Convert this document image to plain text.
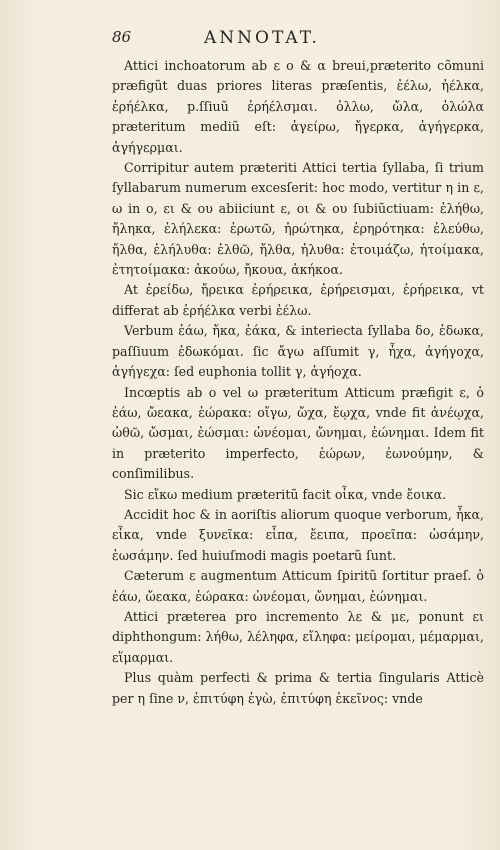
86	ANNOTAT.

Attici inchoatorum ab ε o & α breui,præterito cõmuni præfigũt duas priores literas præſentis, ἐέλω, ἠέλκα, ἐρήέλκα, p.ſſiuũ ἐρήέλσμαι. ὀλλω, ὤλα, ὀλώλα præteritum mediũ eſt: ἀγείρω, ἤγερκα, ἀγήγερκα, ἀγήγερμαι.

Corripitur autem præteriti Attici tertia ſyllaba, ſi trium ſyllabarum numerum excesſerit: hoc modo, vertitur η in ε, ω in ο, ει & ου abiiciunt ε, οι & ου ſubiũctiuam: ἐλήθω, ἤληκα, ἐλήλεκα: ἐρωτῶ, ἠρώτηκα, ἐρηρότηκα: ἐλεύθω, ἤλθα, ἐλήλυθα: ἐλθῶ, ἤλθα, ἠλυθα: ἐτοιμάζω, ἡτοίμακα, ἐτητοίμακα: ἀκούω, ἤκουα, ἀκήκοα.

At ἐρείδω, ἤρεικα ἐρήρεικα, ἐρήρεισμαι, ἐρήρεικα, vt differat ab ἐρήέλκα verbi ἐέλω.

Verbum ἐάω, ἤκα, ἐάκα, & interiecta ſyllaba δο, ἐδωκα, paſſiuum ἐδωκόμαι. ſic ἄγω aſſumit γ, ἦχα, ἀγήγοχα, ἀγήγεχα: ſed euphonia tollit γ, ἀγήοχα.

Incœptis ab ο vel ω præteritum Atticum præfigit ε, ὁ ἐάω, ὤεακα, ἑώρακα: οἴγω, ὤχα, ἔῳχα, vnde fit ἀνέῳχα, ὠθῶ, ὤσμαι, ἑώσμαι: ὠνέομαι, ὤνημαι, ἑώνημαι. Idem fit in præterito imperfecto, ἑώρων, ἐωνούμην, & conſimilibus.

Sic εἴκω medium præteritũ facit οἶκα, vnde ἔοικα.

Accidit hoc & in aoriſtis aliorum quoque verborum, ἧκα, εἷκα, vnde ξυνεῖκα: εἷπα, ἔειπα, προεῖπα: ὠσάμην, ἐωσάμην. ſed huiuſmodi magis poetarũ ſunt.

Cæterum ε augmentum Atticum ſpiritũ ſortitur praeſ. ὁ ἐάω, ὤεακα, ἑώρακα: ὠνέομαι, ὤνημαι, ἑώνημαι.

Attici præterea pro incremento λε & με, ponunt ει diphthongum: λήθω, λέληφα, εἴληφα: μείρομαι, μέμαρμαι, εἵμαρμαι.

Plus quàm perfecti & prima & tertia ſingularis Atticè per η ſine ν, ἐπιτύφη ἐγὼ, ἐπιτύφη ἐκεῖνος: vnde
